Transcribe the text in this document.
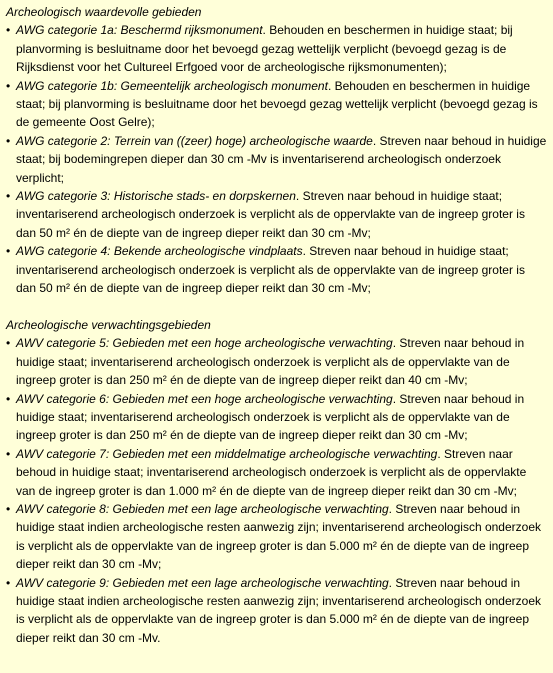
Archeologisch waardevolle gebieden

• AWG categorie 1a: Beschermd rijksmonument. Behouden en beschermen in huidige staat; bij planvorming is besluitname door het bevoegd gezag wettelijk verplicht (bevoegd gezag is de Rijksdienst voor het Cultureel Erfgoed voor de archeologische rijksmonumenten);
• AWG categorie 1b: Gemeentelijk archeologisch monument. Behouden en beschermen in huidige staat; bij planvorming is besluitname door het bevoegd gezag wettelijk verplicht (bevoegd gezag is de gemeente Oost Gelre);
• AWG categorie 2: Terrein van ((zeer) hoge) archeologische waarde. Streven naar behoud in huidige staat; bij bodemingrepen dieper dan 30 cm -Mv is inventariserend archeologisch onderzoek verplicht;
• AWG categorie 3: Historische stads- en dorpskernen. Streven naar behoud in huidige staat; inventariserend archeologisch onderzoek is verplicht als de oppervlakte van de ingreep groter is dan 50 m² én de diepte van de ingreep dieper reikt dan 30 cm -Mv;
• AWG categorie 4: Bekende archeologische vindplaats. Streven naar behoud in huidige staat; inventariserend archeologisch onderzoek is verplicht als de oppervlakte van de ingreep groter is dan 50 m² én de diepte van de ingreep dieper reikt dan 30 cm -Mv;

Archeologische verwachtingsgebieden

• AWV categorie 5: Gebieden met een hoge archeologische verwachting. Streven naar behoud in huidige staat; inventariserend archeologisch onderzoek is verplicht als de oppervlakte van de ingreep groter is dan 250 m² én de diepte van de ingreep dieper reikt dan 40 cm -Mv;
• AWV categorie 6: Gebieden met een hoge archeologische verwachting. Streven naar behoud in huidige staat; inventariserend archeologisch onderzoek is verplicht als de oppervlakte van de ingreep groter is dan 250 m² én de diepte van de ingreep dieper reikt dan 30 cm -Mv;
• AWV categorie 7: Gebieden met een middelmatige archeologische verwachting. Streven naar behoud in huidige staat; inventariserend archeologisch onderzoek is verplicht als de oppervlakte van de ingreep groter is dan 1.000 m² én de diepte van de ingreep dieper reikt dan 30 cm -Mv;
• AWV categorie 8: Gebieden met een lage archeologische verwachting. Streven naar behoud in huidige staat indien archeologische resten aanwezig zijn; inventariserend archeologisch onderzoek is verplicht als de oppervlakte van de ingreep groter is dan 5.000 m² én de diepte van de ingreep dieper reikt dan 30 cm -Mv;
• AWV categorie 9: Gebieden met een lage archeologische verwachting. Streven naar behoud in huidige staat indien archeologische resten aanwezig zijn; inventariserend archeologisch onderzoek is verplicht als de oppervlakte van de ingreep groter is dan 5.000 m² én de diepte van de ingreep dieper reikt dan 30 cm -Mv.
